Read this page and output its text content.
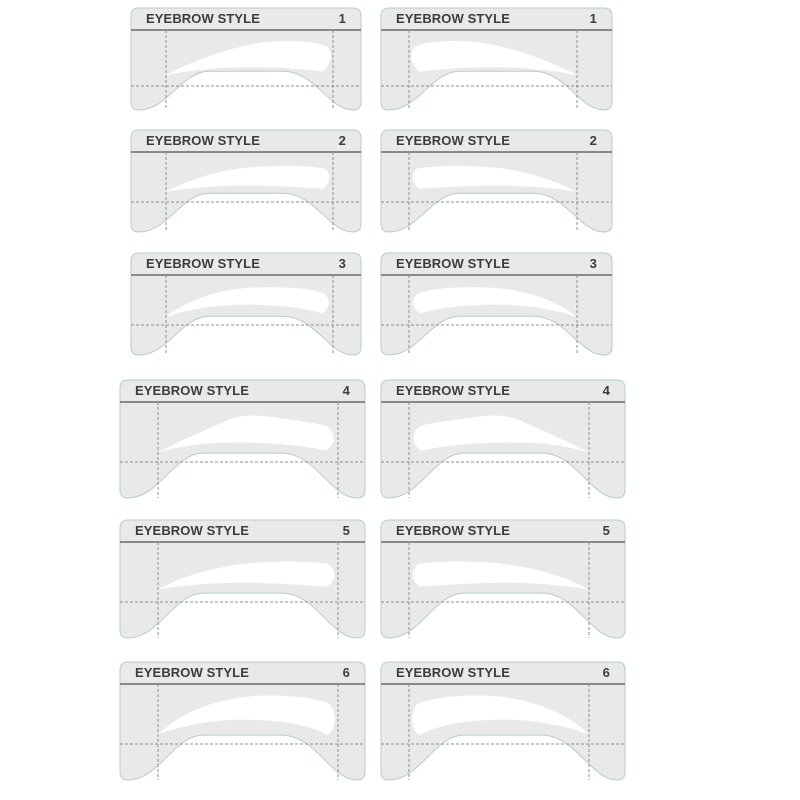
EYEBROW STYLE	1	EYEBROW STYLE	1
EYEBROW STYLE	2	EYEBROW STYLE	2
EYEBROW STYLE	3	EYEBROW STYLE	3
EYEBROW STYLE	4	EYEBROW STYLE	4
EYEBROW STYLE	5	EYEBROW STYLE	5
EYEBROW STYLE	6	EYEBROW STYLE	6
